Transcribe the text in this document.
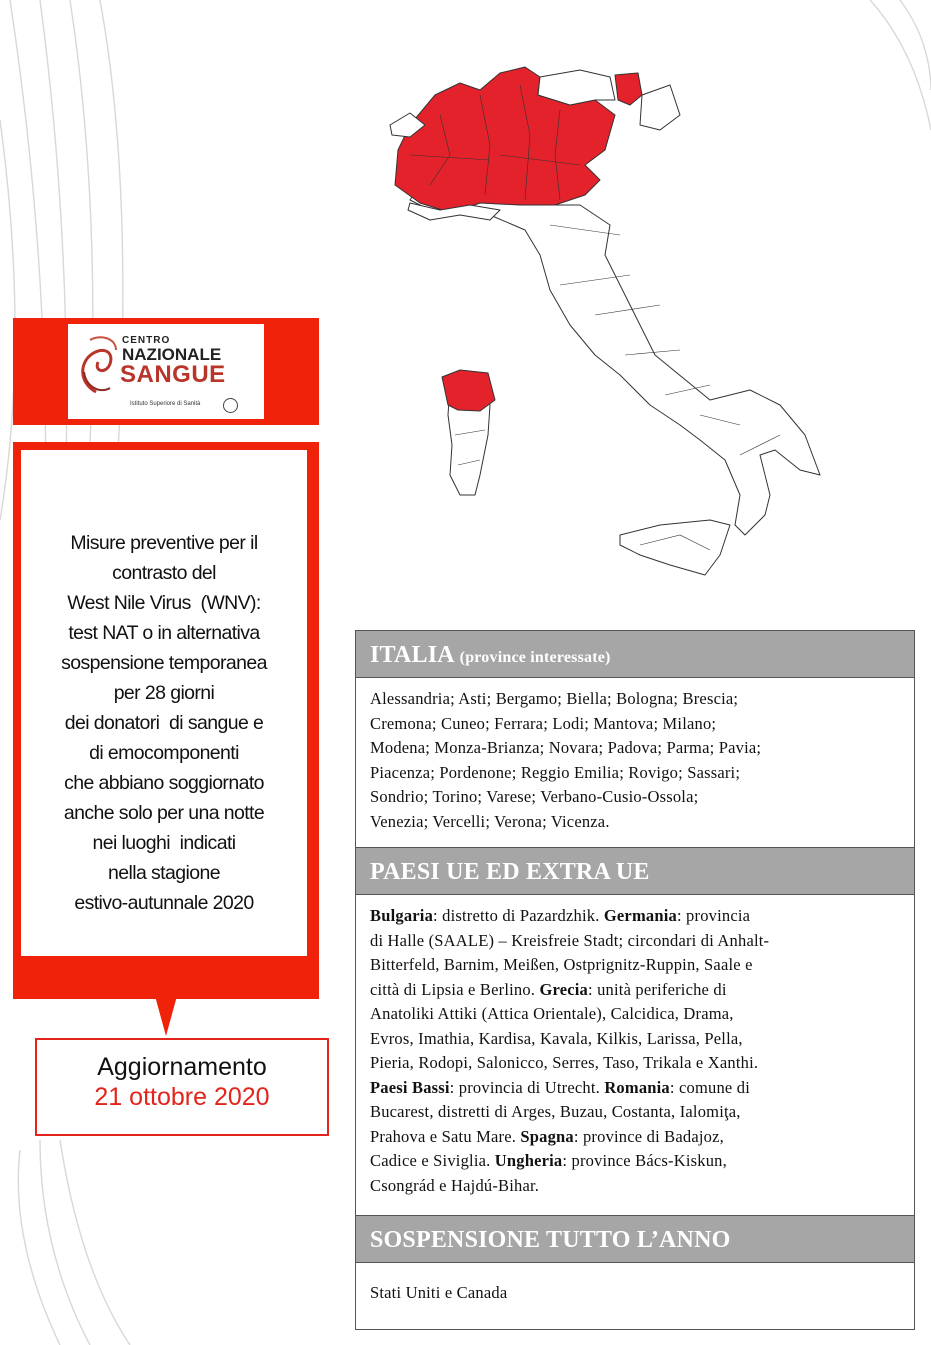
CENTRO
NAZIONALE
SANGUE
Istituto Superiore di Sanità
Misure preventive per il
contrasto del
West Nile Virus  (WNV):
test NAT o in alternativa
sospensione temporanea
per 28 giorni
dei donatori  di sangue e
di emocomponenti
che abbiano soggiornato
anche solo per una notte
nei luoghi  indicati
nella stagione
estivo-autunnale 2020
Aggiornamento
21 ottobre 2020
ITALIA (province interessate)
Alessandria; Asti; Bergamo; Biella; Bologna; Brescia;
Cremona; Cuneo; Ferrara; Lodi; Mantova; Milano;
Modena; Monza-Brianza; Novara; Padova; Parma; Pavia;
Piacenza; Pordenone; Reggio Emilia; Rovigo; Sassari;
Sondrio; Torino; Varese; Verbano-Cusio-Ossola;
Venezia; Vercelli; Verona; Vicenza.
PAESI UE ED EXTRA UE
Bulgaria: distretto di Pazardzhik. Germania: provincia
di Halle (SAALE) – Kreisfreie Stadt; circondari di Anhalt-
Bitterfeld, Barnim, Meißen, Ostprignitz-Ruppin, Saale e
città di Lipsia e Berlino. Grecia: unità periferiche di
Anatoliki Attiki (Attica Orientale), Calcidica, Drama,
Evros, Imathia, Kardisa, Kavala, Kilkis, Larissa, Pella,
Pieria, Rodopi, Salonicco, Serres, Taso, Trikala e Xanthi.
Paesi Bassi: provincia di Utrecht. Romania: comune di
Bucarest, distretti di Arges, Buzau, Costanta, Ialomiţa,
Prahova e Satu Mare. Spagna: province di Badajoz,
Cadice e Siviglia. Ungheria: province Bács-Kiskun,
Csongrád e Hajdú-Bihar.
SOSPENSIONE TUTTO L’ANNO
Stati Uniti e Canada
